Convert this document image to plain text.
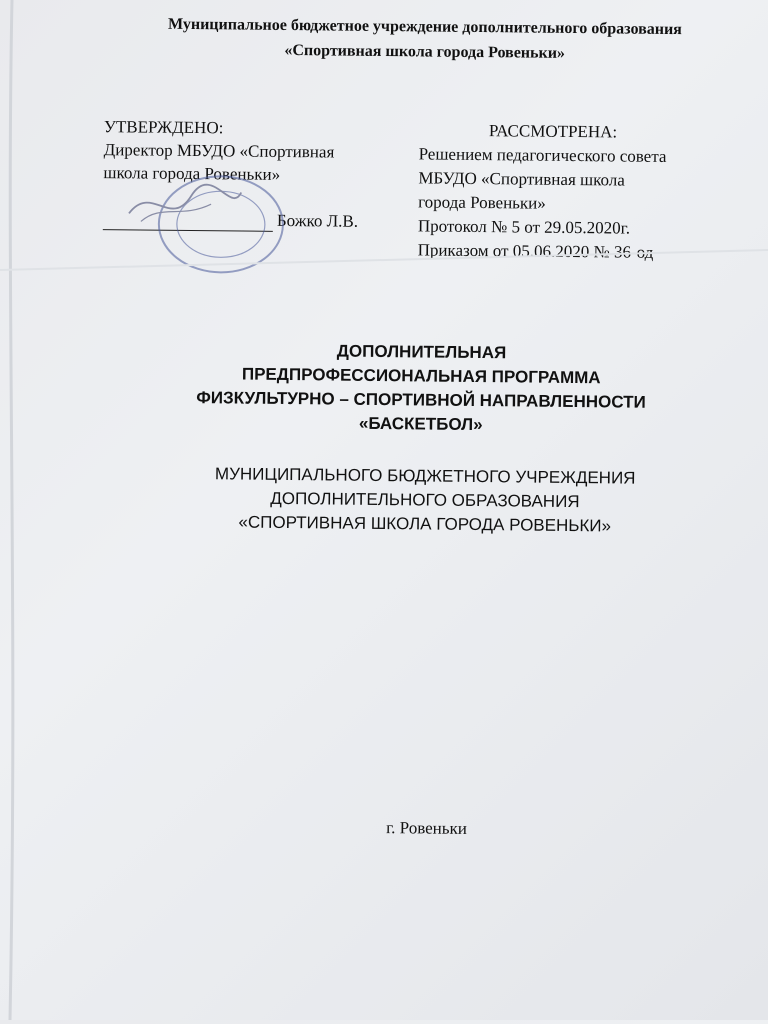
Муниципальное бюджетное учреждение дополнительного образования
«Спортивная школа города Ровеньки»
УТВЕРЖДЕНО:
Директор МБУДО «Спортивная
школа города Ровеньки»
Божко Л.В.
РАССМОТРЕНА:
Решением педагогического совета
МБУДО «Спортивная школа
города Ровеньки»
Протокол № 5 от 29.05.2020г.
Приказом от 05.06.2020 № 36-од
ДОПОЛНИТЕЛЬНАЯ
ПРЕДПРОФЕССИОНАЛЬНАЯ ПРОГРАММА
ФИЗКУЛЬТУРНО – СПОРТИВНОЙ НАПРАВЛЕННОСТИ
«БАСКЕТБОЛ»
МУНИЦИПАЛЬНОГО БЮДЖЕТНОГО УЧРЕЖДЕНИЯ
ДОПОЛНИТЕЛЬНОГО ОБРАЗОВАНИЯ
«СПОРТИВНАЯ ШКОЛА ГОРОДА РОВЕНЬКИ»
г. Ровеньки
